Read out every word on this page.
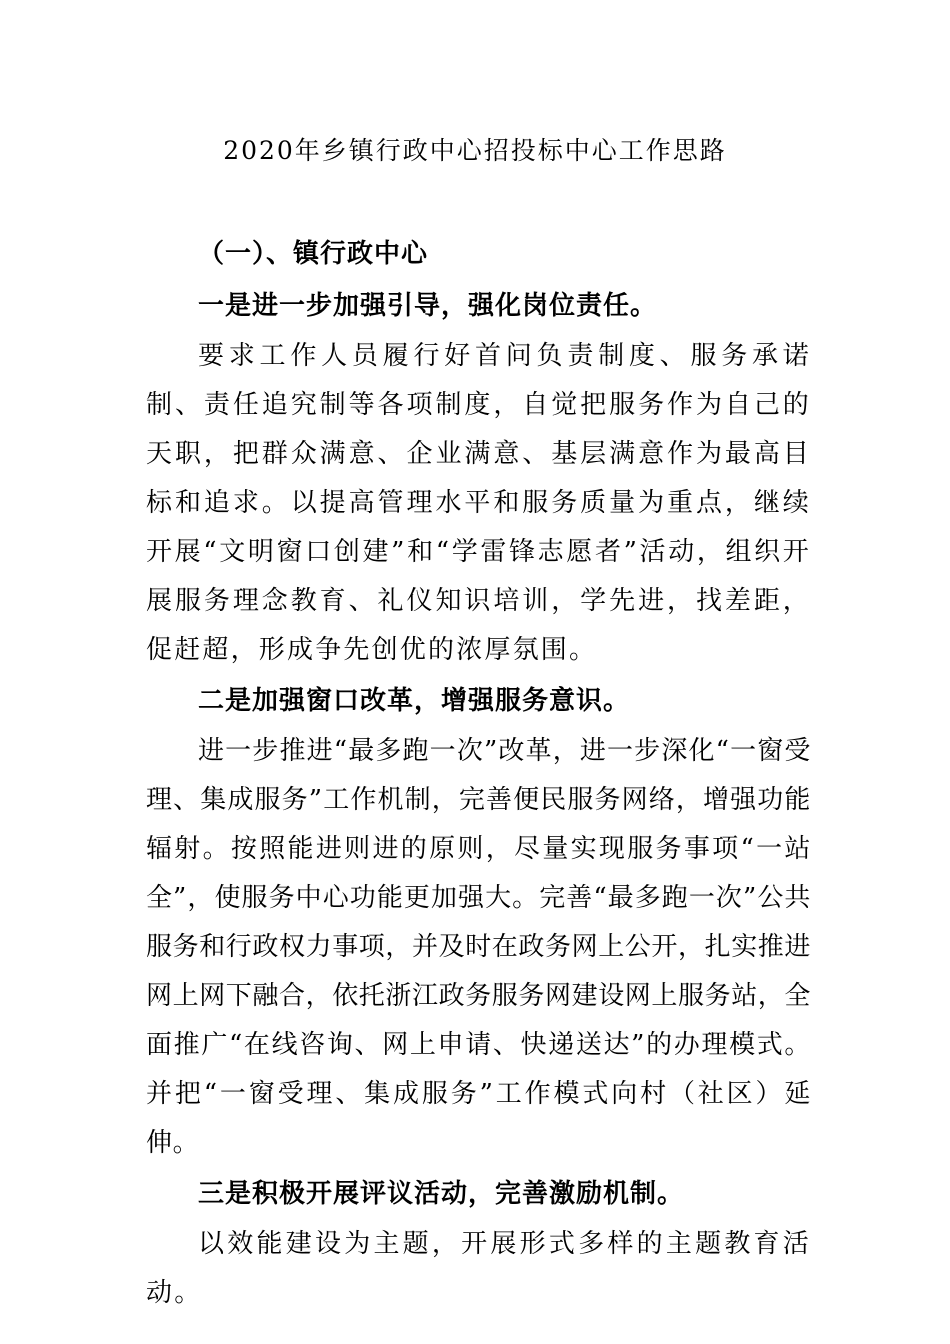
2020年乡镇行政中心招投标中心工作思路
（一）、镇行政中心
一是进一步加强引导，强化岗位责任。

要求工作人员履行好首问负责制度、服务承诺制、责任追究制等各项制度，自觉把服务作为自己的天职，把群众满意、企业满意、基层满意作为最高目标和追求。以提高管理水平和服务质量为重点，继续开展“文明窗口创建”和“学雷锋志愿者”活动，组织开展服务理念教育、礼仪知识培训，学先进，找差距，促赶超，形成争先创优的浓厚氛围。

二是加强窗口改革，增强服务意识。

进一步推进“最多跑一次”改革，进一步深化“一窗受理、集成服务”工作机制，完善便民服务网络，增强功能辐射。按照能进则进的原则，尽量实现服务事项“一站全”，使服务中心功能更加强大。完善“最多跑一次”公共服务和行政权力事项，并及时在政务网上公开，扎实推进网上网下融合，依托浙江政务服务网建设网上服务站，全面推广“在线咨询、网上申请、快递送达”的办理模式。并把“一窗受理、集成服务”工作模式向村（社区）延伸。

三是积极开展评议活动，完善激励机制。

以效能建设为主题，开展形式多样的主题教育活动。
